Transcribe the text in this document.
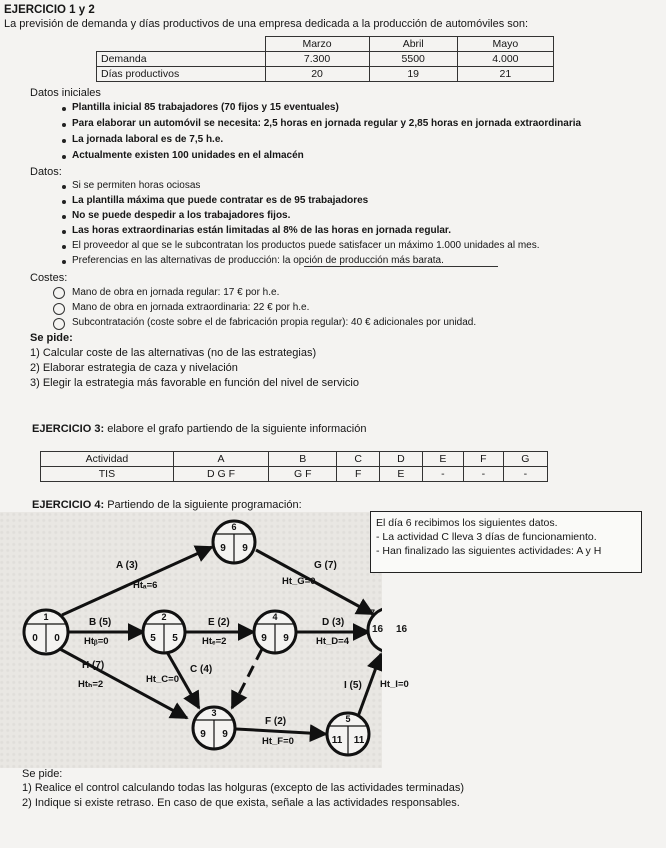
EJERCICIO 1 y 2
La previsión de demanda y días productivos de una empresa dedicada a la producción de automóviles son:
	Marzo	Abril	Mayo
Demanda	7.300	5500	4.000
Días productivos	20	19	21
Datos iniciales
Plantilla inicial 85 trabajadores (70 fijos y 15 eventuales)
Para elaborar un automóvil se necesita: 2,5 horas en jornada regular y 2,85 horas en jornada extraordinaria
La jornada laboral es de 7,5 h.e.
Actualmente existen 100 unidades en el almacén
Datos:
Si se permiten horas ociosas
La plantilla máxima que puede contratar es de 95 trabajadores
No se puede despedir a los trabajadores fijos.
Las horas extraordinarias están limitadas al 8% de las horas en jornada regular.
El proveedor al que se le subcontratan los productos puede satisfacer un máximo 1.000 unidades al mes.
Preferencias en las alternativas de producción: la opción de producción más barata.
Costes:
Mano de obra en jornada regular: 17 € por h.e.
Mano de obra en jornada extraordinaria: 22 € por h.e.
Subcontratación (coste sobre el de fabricación propia regular): 40 € adicionales por unidad.
Se pide:
1) Calcular coste de las alternativas (no de las estrategias)
2) Elaborar estrategia de caza y nivelación
3) Elegir la estrategia más favorable en función del nivel de servicio
EJERCICIO 3: elabore el grafo partiendo de la siguiente información
Actividad	A	B	C	D	E	F	G
TIS	D G F	G F	F	E	-	-	-
EJERCICIO 4: Partiendo de la siguiente programación:
1
0 0
2
5 5
3
9 9
4
9 9
5
11 11
6
9 9
A (3)
Htₐ=6
B (5)
Htᵦ=0
E (2)
Htₑ=2
D (3)
Ht_D=4
G (7)
Ht_G=0
H (7)
Htₕ=2
C (4)
Ht_C=0
F (2)
Ht_F=0
I (5)
7
16 16
Ht_I=0
El día 6 recibimos los siguientes datos.
- La actividad C lleva 3 días de funcionamiento.
- Han finalizado las siguientes actividades: A y H
Se pide:
1) Realice el control calculando todas las holguras (excepto de las actividades terminadas)
2) Indique si existe retraso. En caso de que exista, señale a las actividades responsables.
